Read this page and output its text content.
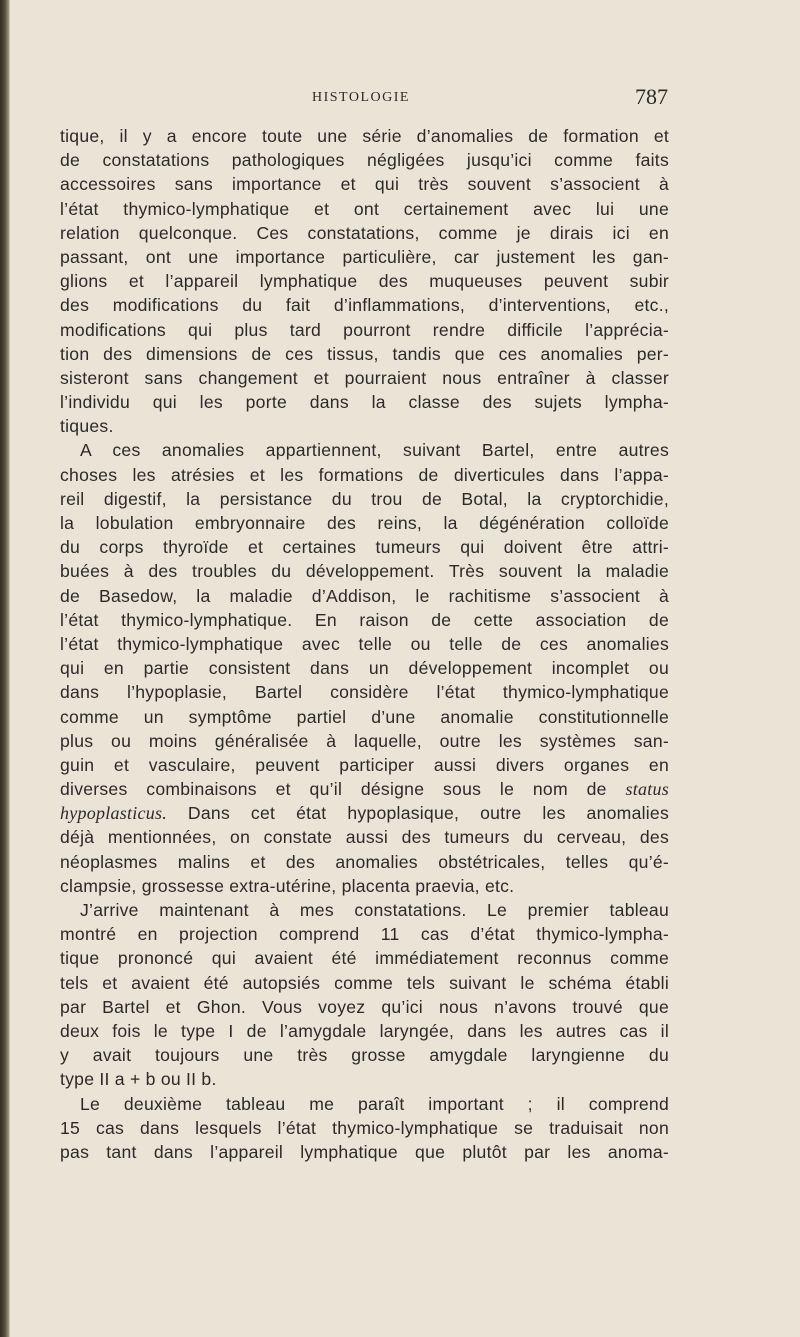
HISTOLOGIE	787
tique, il y a encore toute une série d’anomalies de formation et
de constatations pathologiques négligées jusqu’ici comme faits
accessoires sans importance et qui très souvent s’associent à
l’état thymico-lymphatique et ont certainement avec lui une
relation quelconque. Ces constatations, comme je dirais ici en
passant, ont une importance particulière, car justement les gan-
glions et l’appareil lymphatique des muqueuses peuvent subir
des modifications du fait d’inflammations, d’interventions, etc.,
modifications qui plus tard pourront rendre difficile l’apprécia-
tion des dimensions de ces tissus, tandis que ces anomalies per-
sisteront sans changement et pourraient nous entraîner à classer
l’individu qui les porte dans la classe des sujets lympha-
tiques.
A ces anomalies appartiennent, suivant Bartel, entre autres
choses les atrésies et les formations de diverticules dans l’appa-
reil digestif, la persistance du trou de Botal, la cryptorchidie,
la lobulation embryonnaire des reins, la dégénération colloïde
du corps thyroïde et certaines tumeurs qui doivent être attri-
buées à des troubles du développement. Très souvent la maladie
de Basedow, la maladie d’Addison, le rachitisme s’associent à
l’état thymico-lymphatique. En raison de cette association de
l’état thymico-lymphatique avec telle ou telle de ces anomalies
qui en partie consistent dans un développement incomplet ou
dans l’hypoplasie, Bartel considère l’état thymico-lymphatique
comme un symptôme partiel d’une anomalie constitutionnelle
plus ou moins généralisée à laquelle, outre les systèmes san-
guin et vasculaire, peuvent participer aussi divers organes en
diverses combinaisons et qu’il désigne sous le nom de status
hypoplasticus. Dans cet état hypoplasique, outre les anomalies
déjà mentionnées, on constate aussi des tumeurs du cerveau, des
néoplasmes malins et des anomalies obstétricales, telles qu’é-
clampsie, grossesse extra-utérine, placenta praevia, etc.
J’arrive maintenant à mes constatations. Le premier tableau
montré en projection comprend 11 cas d’état thymico-lympha-
tique prononcé qui avaient été immédiatement reconnus comme
tels et avaient été autopsiés comme tels suivant le schéma établi
par Bartel et Ghon. Vous voyez qu’ici nous n’avons trouvé que
deux fois le type I de l’amygdale laryngée, dans les autres cas il
y avait toujours une très grosse amygdale laryngienne du
type II a + b ou II b.
Le deuxième tableau me paraît important ; il comprend
15 cas dans lesquels l’état thymico-lymphatique se traduisait non
pas tant dans l’appareil lymphatique que plutôt par les anoma-
